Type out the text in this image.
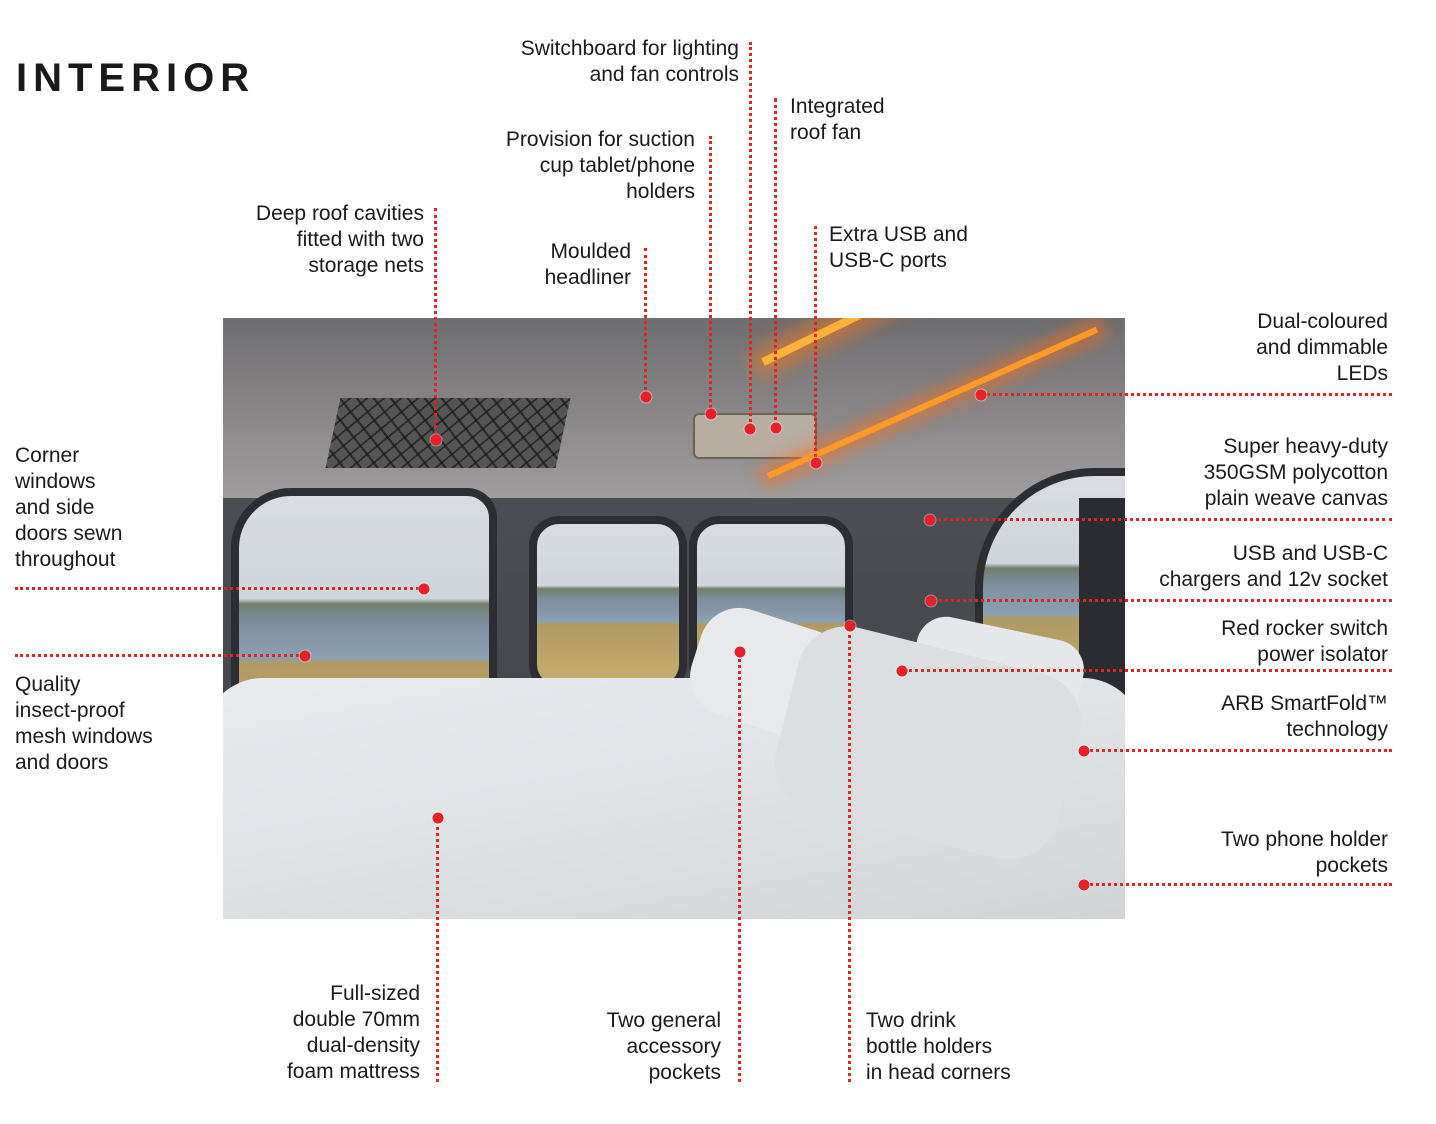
INTERIOR
Switchboard for lighting
and fan controls
Integrated
roof fan
Provision for suction
cup tablet/phone
holders
Deep roof cavities
fitted with two
storage nets
Moulded
headliner
Extra USB and
USB-C ports
Dual-coloured
and dimmable
LEDs
Super heavy-duty
350GSM polycotton
plain weave canvas
USB and USB-C
chargers and 12v socket
Red rocker switch
power isolator
ARB SmartFold™
technology
Two phone holder
pockets
Corner
windows
and side
doors sewn
throughout
Quality
insect-proof
mesh windows
and doors
Full-sized
double 70mm
dual-density
foam mattress
Two general
accessory
pockets
Two drink
bottle holders
in head corners
